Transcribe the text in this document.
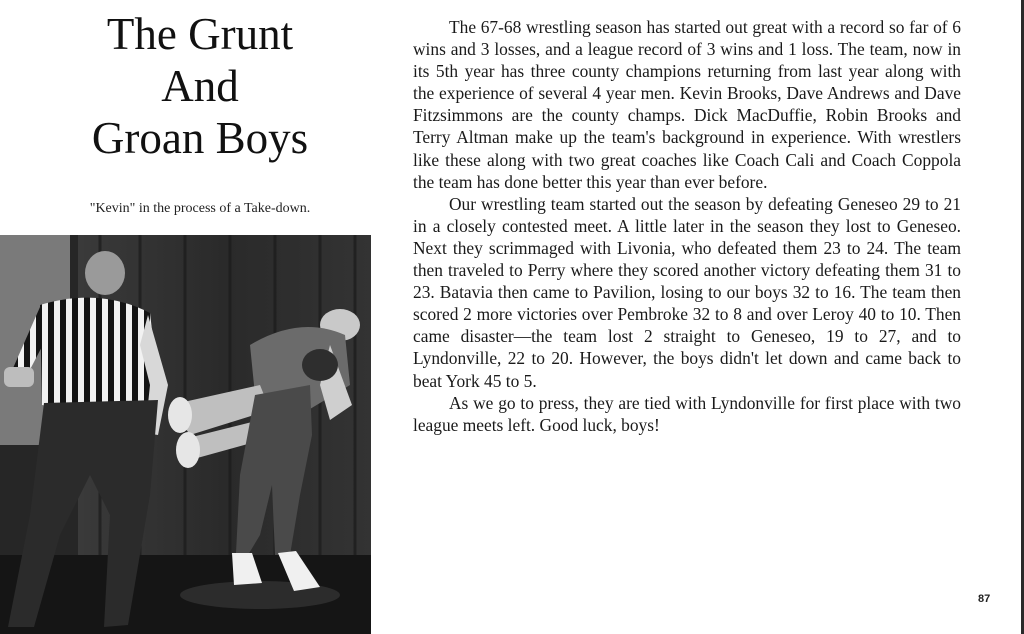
The Grunt
And
Groan Boys

"Kevin" in the process of a Take-down.

The 67-68 wrestling season has started out great with a record so far of 6 wins and 3 losses, and a league record of 3 wins and 1 loss. The team, now in its 5th year has three county champions returning from last year along with the experience of several 4 year men. Kevin Brooks, Dave Andrews and Dave Fitzsimmons are the county champs. Dick MacDuffie, Robin Brooks and Terry Altman make up the team's background in experience. With wrestlers like these along with two great coaches like Coach Cali and Coach Coppola the team has done better this year than ever before.

Our wrestling team started out the season by defeating Geneseo 29 to 21 in a closely contested meet. A little later in the season they lost to Geneseo. Next they scrimmaged with Livonia, who defeated them 23 to 24. The team then traveled to Perry where they scored another victory defeating them 31 to 23. Batavia then came to Pavilion, losing to our boys 32 to 16. The team then scored 2 more victories over Pembroke 32 to 8 and over Leroy 40 to 10. Then came disaster—the team lost 2 straight to Geneseo, 19 to 27, and to Lyndonville, 22 to 20. However, the boys didn't let down and came back to beat York 45 to 5.

As we go to press, they are tied with Lyndonville for first place with two league meets left. Good luck, boys!

87
